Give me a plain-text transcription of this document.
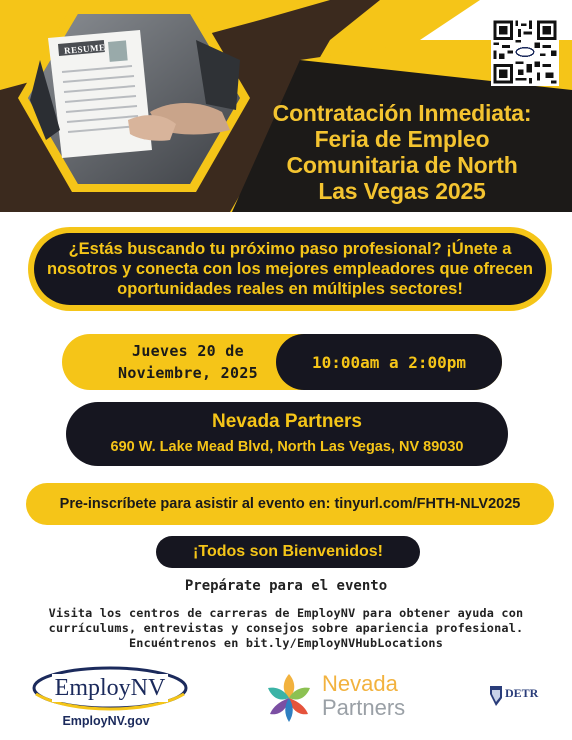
RESUME
Contratación Inmediata:
Feria de Empleo
Comunitaria de North
Las Vegas 2025
¿Estás buscando tu próximo paso profesional? ¡Únete a nosotros y conecta con los mejores empleadores que ofrecen oportunidades reales en múltiples sectores!
Jueves 20 de Noviembre, 2025
10:00am a 2:00pm
Nevada Partners
690 W. Lake Mead Blvd, North Las Vegas, NV 89030
Pre-inscríbete para asistir al evento en: tinyurl.com/FHTH-NLV2025
¡Todos son Bienvenidos!
Prepárate para el evento
Visita los centros de carreras de EmployNV para obtener ayuda con
currículums, entrevistas y consejos sobre apariencia profesional.
Encuéntrenos en bit.ly/EmployNVHubLocations
EmployNV
EmployNV.gov
Nevada
Partners
DETR
